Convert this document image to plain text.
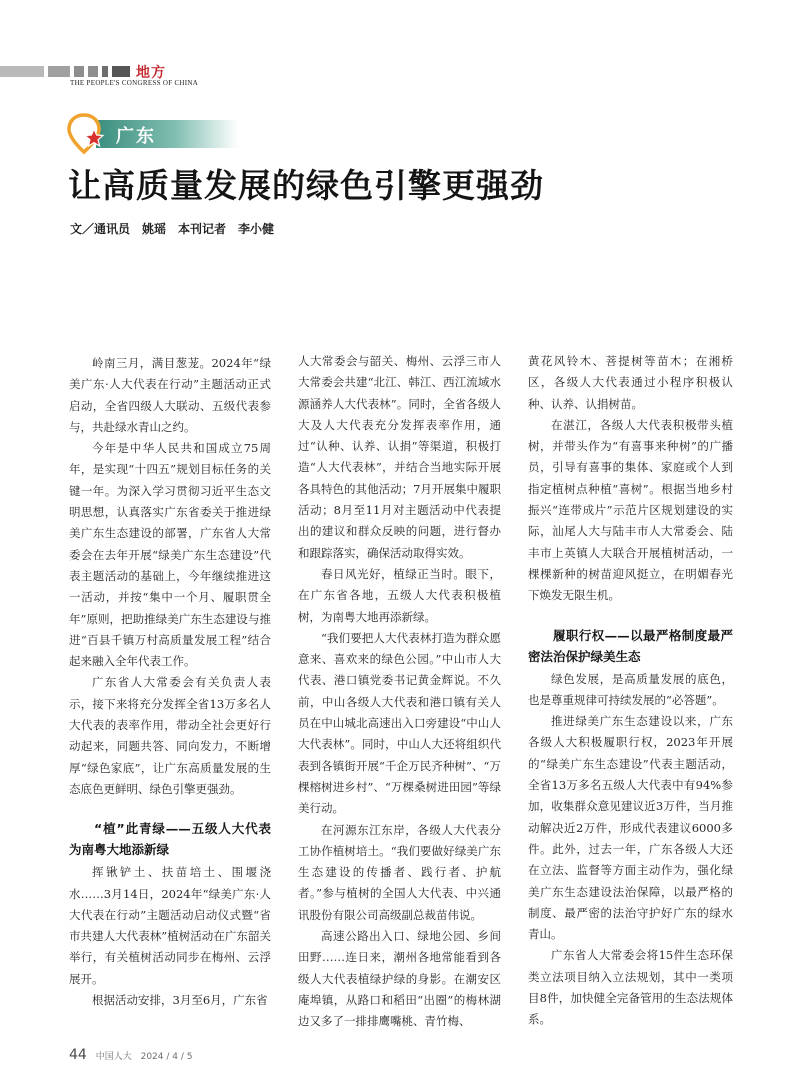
地方
THE PEOPLE'S CONGRESS OF CHINA
广东
让高质量发展的绿色引擎更强劲
文／通讯员　姚瑶　本刊记者　李小健

岭南三月，满目葱茏。2024年“绿美广东·人大代表在行动”主题活动正式启动，全省四级人大联动、五级代表参与，共赴绿水青山之约。

今年是中华人民共和国成立75周年，是实现“十四五”规划目标任务的关键一年。为深入学习贯彻习近平生态文明思想，认真落实广东省委关于推进绿美广东生态建设的部署，广东省人大常委会在去年开展“绿美广东生态建设”代表主题活动的基础上，今年继续推进这一活动，并按“集中一个月、履职贯全年”原则，把助推绿美广东生态建设与推进“百县千镇万村高质量发展工程”结合起来融入全年代表工作。

广东省人大常委会有关负责人表示，接下来将充分发挥全省13万多名人大代表的表率作用，带动全社会更好行动起来，同题共答、同向发力，不断增厚“绿色家底”，让广东高质量发展的生态底色更鲜明、绿色引擎更强劲。

“植”此青绿——五级人大代表为南粤大地添新绿

挥锹铲土、扶苗培土、围堰浇水……3月14日，2024年“绿美广东·人大代表在行动”主题活动启动仪式暨“省市共建人大代表林”植树活动在广东韶关举行，有关植树活动同步在梅州、云浮展开。

根据活动安排，3月至6月，广东省

人大常委会与韶关、梅州、云浮三市人大常委会共建“北江、韩江、西江流域水源涵养人大代表林”。同时，全省各级人大及人大代表充分发挥表率作用，通过“认种、认养、认捐”等渠道，积极打造“人大代表林”，并结合当地实际开展各具特色的其他活动；7月开展集中履职活动；8月至11月对主题活动中代表提出的建议和群众反映的问题，进行督办和跟踪落实，确保活动取得实效。

春日风光好，植绿正当时。眼下，在广东省各地，五级人大代表积极植树，为南粤大地再添新绿。

“我们要把人大代表林打造为群众愿意来、喜欢来的绿色公园。”中山市人大代表、港口镇党委书记黄金辉说。不久前，中山各级人大代表和港口镇有关人员在中山城北高速出入口旁建设“中山人大代表林”。同时，中山人大还将组织代表到各镇街开展“千企万民齐种树”、“万棵榕树进乡村”、“万棵桑树进田园”等绿美行动。

在河源东江东岸，各级人大代表分工协作植树培土。“我们要做好绿美广东生态建设的传播者、践行者、护航者。”参与植树的全国人大代表、中兴通讯股份有限公司高级副总裁苗伟说。

高速公路出入口、绿地公园、乡间田野……连日来，潮州各地常能看到各级人大代表植绿护绿的身影。在潮安区庵埠镇，从路口和稻田“出圈”的梅林湖边又多了一排排鹰嘴桃、青竹梅、

黄花风铃木、菩提树等苗木；在湘桥区，各级人大代表通过小程序积极认种、认养、认捐树苗。

在湛江，各级人大代表积极带头植树，并带头作为“有喜事来种树”的广播员，引导有喜事的集体、家庭或个人到指定植树点种植“喜树”。根据当地乡村振兴“连带成片”示范片区规划建设的实际，汕尾人大与陆丰市人大常委会、陆丰市上英镇人大联合开展植树活动，一棵棵新种的树苗迎风挺立，在明媚春光下焕发无限生机。

履职行权——以最严格制度最严密法治保护绿美生态

绿色发展，是高质量发展的底色，也是尊重规律可持续发展的“必答题”。

推进绿美广东生态建设以来，广东各级人大积极履职行权，2023年开展的“绿美广东生态建设”代表主题活动，全省13万多名五级人大代表中有94%参加，收集群众意见建议近3万件，当月推动解决近2万件，形成代表建议6000多件。此外，过去一年，广东各级人大还在立法、监督等方面主动作为，强化绿美广东生态建设法治保障，以最严格的制度、最严密的法治守护好广东的绿水青山。

广东省人大常委会将15件生态环保类立法项目纳入立法规划，其中一类项目8件，加快健全完备管用的生态法规体系。

44 中国人大 2024 / 4 / 5
